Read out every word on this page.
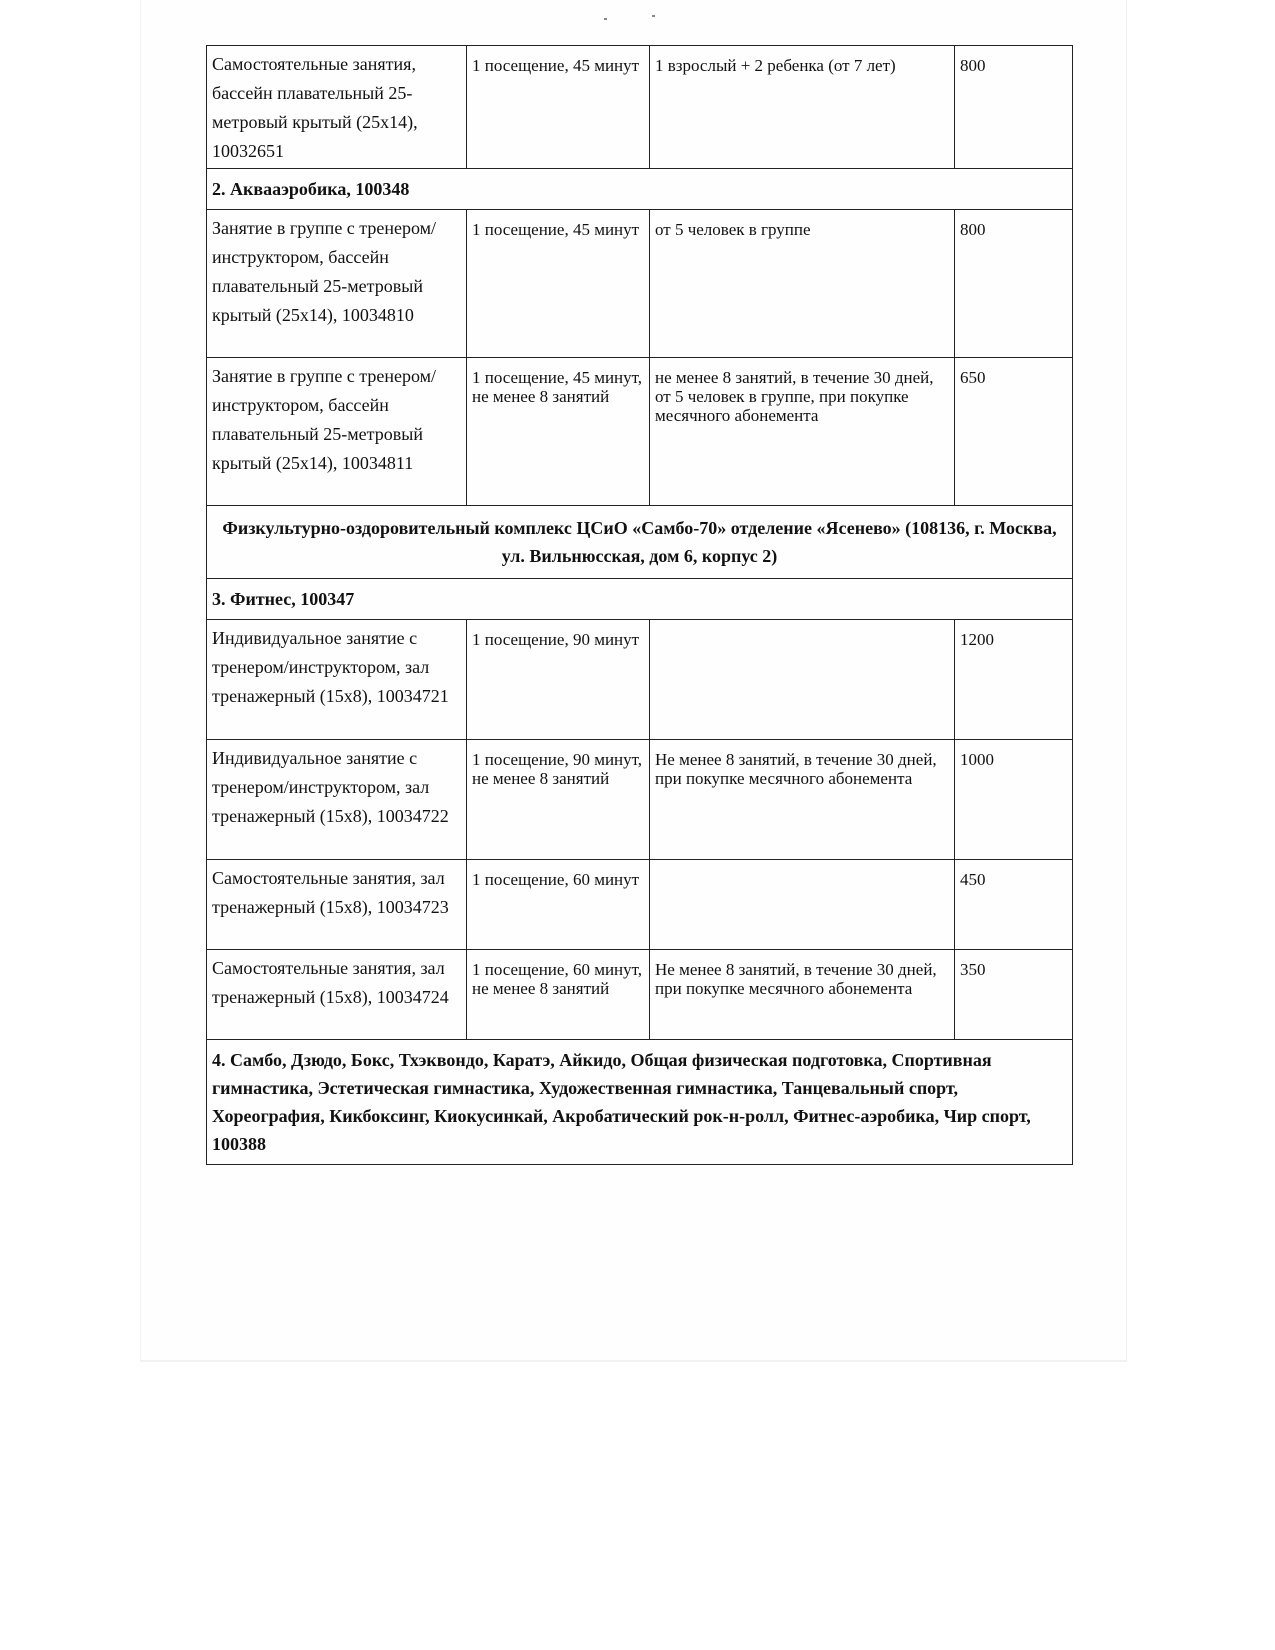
Самостоятельные занятия, бассейн плавательный 25-метровый крытый (25х14), 10032651	1 посещение, 45 минут	1 взрослый + 2 ребенка (от 7 лет)	800
2. Аквааэробика, 100348			
Занятие в группе с тренером/инструктором, бассейн плавательный 25-метровый крытый (25х14), 10034810	1 посещение, 45 минут	от 5 человек в группе	800
Занятие в группе с тренером/инструктором, бассейн плавательный 25-метровый крытый (25х14), 10034811	1 посещение, 45 минут, не менее 8 занятий	не менее 8 занятий, в течение 30 дней, от 5 человек в группе, при покупке месячного абонемента	650
Физкультурно-оздоровительный комплекс ЦСиО «Самбо-70» отделение «Ясенево» (108136, г. Москва, ул. Вильнюсская, дом 6, корпус 2)			
3. Фитнес, 100347			
Индивидуальное занятие с тренером/инструктором, зал тренажерный (15х8), 10034721	1 посещение, 90 минут		1200
Индивидуальное занятие с тренером/инструктором, зал тренажерный (15х8), 10034722	1 посещение, 90 минут, не менее 8 занятий	Не менее 8 занятий, в течение 30 дней, при покупке месячного абонемента	1000
Самостоятельные занятия, зал тренажерный (15х8), 10034723	1 посещение, 60 минут		450
Самостоятельные занятия, зал тренажерный (15х8), 10034724	1 посещение, 60 минут, не менее 8 занятий	Не менее 8 занятий, в течение 30 дней, при покупке месячного абонемента	350
4. Самбо, Дзюдо, Бокс, Тхэквондо, Каратэ, Айкидо, Общая физическая подготовка, Спортивная гимнастика, Эстетическая гимнастика, Художественная гимнастика, Танцевальный спорт, Хореография, Кикбоксинг, Киокусинкай, Акробатический рок-н-ролл, Фитнес-аэробика, Чир спорт, 100388			
